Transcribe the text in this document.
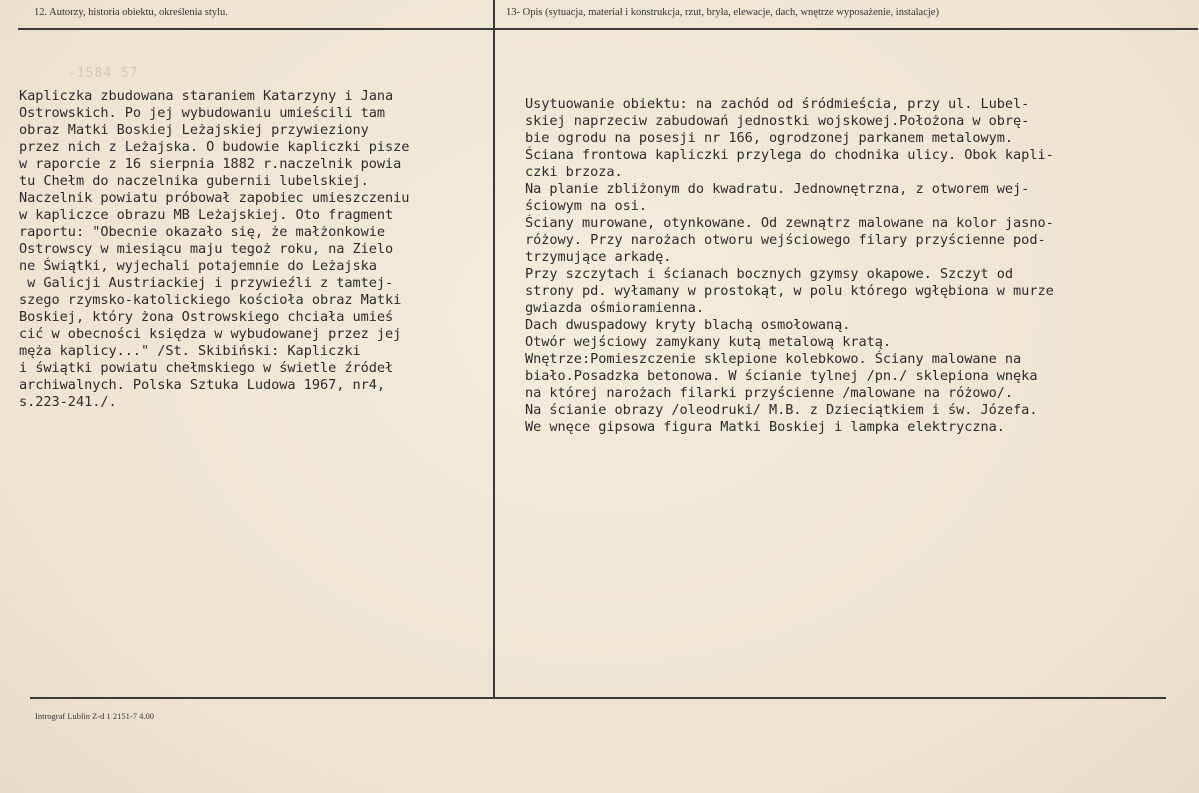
12. Autorzy, historia obiektu, określenia stylu.	13- Opis (sytuacja, materiał i konstrukcja, rzut, bryła, elewacje, dach, wnętrze wyposażenie, instalacje)
-1584 57
Kapliczka zbudowana staraniem Katarzyny i Jana
Ostrowskich. Po jej wybudowaniu umieścili tam
obraz Matki Boskiej Leżajskiej przywieziony
przez nich z Leżajska. O budowie kapliczki pisze
w raporcie z 16 sierpnia 1882 r.naczelnik powia
tu Chełm do naczelnika gubernii lubelskiej.
Naczelnik powiatu próbował zapobiec umieszczeniu
w kapliczce obrazu MB Leżajskiej. Oto fragment
raportu: "Obecnie okazało się, że małżonkowie
Ostrowscy w miesiącu maju tegoż roku, na Zielo
ne Świątki, wyjechali potajemnie do Leżajska
w Galicji Austriackiej i przywieźli z tamtej-
szego rzymsko-katolickiego kościoła obraz Matki
Boskiej, który żona Ostrowskiego chciała umieś
cić w obecności księdza w wybudowanej przez jej
męża kaplicy..." /St. Skibiński: Kapliczki
i świątki powiatu chełmskiego w świetle źródeł
archiwalnych. Polska Sztuka Ludowa 1967, nr4,
s.223-241./.
Usytuowanie obiektu: na zachód od śródmieścia, przy ul. Lubel-
skiej naprzeciw zabudowań jednostki wojskowej.Położona w obrę-
bie ogrodu na posesji nr 166, ogrodzonej parkanem metalowym.
Ściana frontowa kapliczki przylega do chodnika ulicy. Obok kapli-
czki brzoza.
Na planie zbliżonym do kwadratu. Jednownętrzna, z otworem wej-
ściowym na osi.
Ściany murowane, otynkowane. Od zewnątrz malowane na kolor jasno-
różowy. Przy narożach otworu wejściowego filary przyścienne pod-
trzymujące arkadę.
Przy szczytach i ścianach bocznych gzymsy okapowe. Szczyt od
strony pd. wyłamany w prostokąt, w polu którego wgłębiona w murze
gwiazda ośmioramienna.
Dach dwuspadowy kryty blachą osmołowaną.
Otwór wejściowy zamykany kutą metalową kratą.
Wnętrze:Pomieszczenie sklepione kolebkowo. Ściany malowane na
biało.Posadzka betonowa. W ścianie tylnej /pn./ sklepiona wnęka
na której narożach filarki przyścienne /malowane na różowo/.
Na ścianie obrazy /oleodruki/ M.B. z Dzieciątkiem i św. Józefa.
We wnęce gipsowa figura Matki Boskiej i lampka elektryczna.
Intrograf Lublin Z-d 1 2151-7 4.00
